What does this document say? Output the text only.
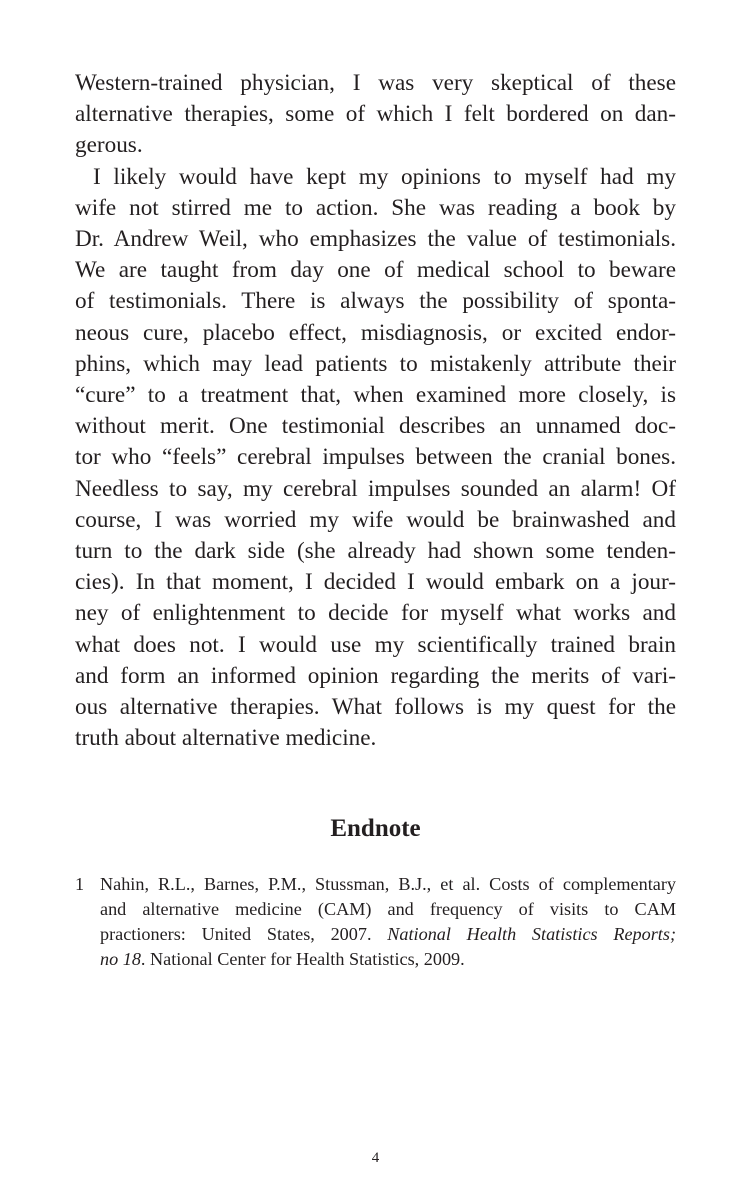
Western-trained physician, I was very skeptical of these
alternative therapies, some of which I felt bordered on dan-
gerous.

I likely would have kept my opinions to myself had my
wife not stirred me to action. She was reading a book by
Dr. Andrew Weil, who emphasizes the value of testimonials.
We are taught from day one of medical school to beware
of testimonials. There is always the possibility of sponta-
neous cure, placebo effect, misdiagnosis, or excited endor-
phins, which may lead patients to mistakenly attribute their
“cure” to a treatment that, when examined more closely, is
without merit. One testimonial describes an unnamed doc-
tor who “feels” cerebral impulses between the cranial bones.
Needless to say, my cerebral impulses sounded an alarm! Of
course, I was worried my wife would be brainwashed and
turn to the dark side (she already had shown some tenden-
cies). In that moment, I decided I would embark on a jour-
ney of enlightenment to decide for myself what works and
what does not. I would use my scientifically trained brain
and form an informed opinion regarding the merits of vari-
ous alternative therapies. What follows is my quest for the
truth about alternative medicine.

Endnote
1 Nahin, R.L., Barnes, P.M., Stussman, B.J., et al. Costs of complementary
and alternative medicine (CAM) and frequency of visits to CAM
practioners: United States, 2007. National Health Statistics Reports;
no 18. National Center for Health Statistics, 2009.
4
